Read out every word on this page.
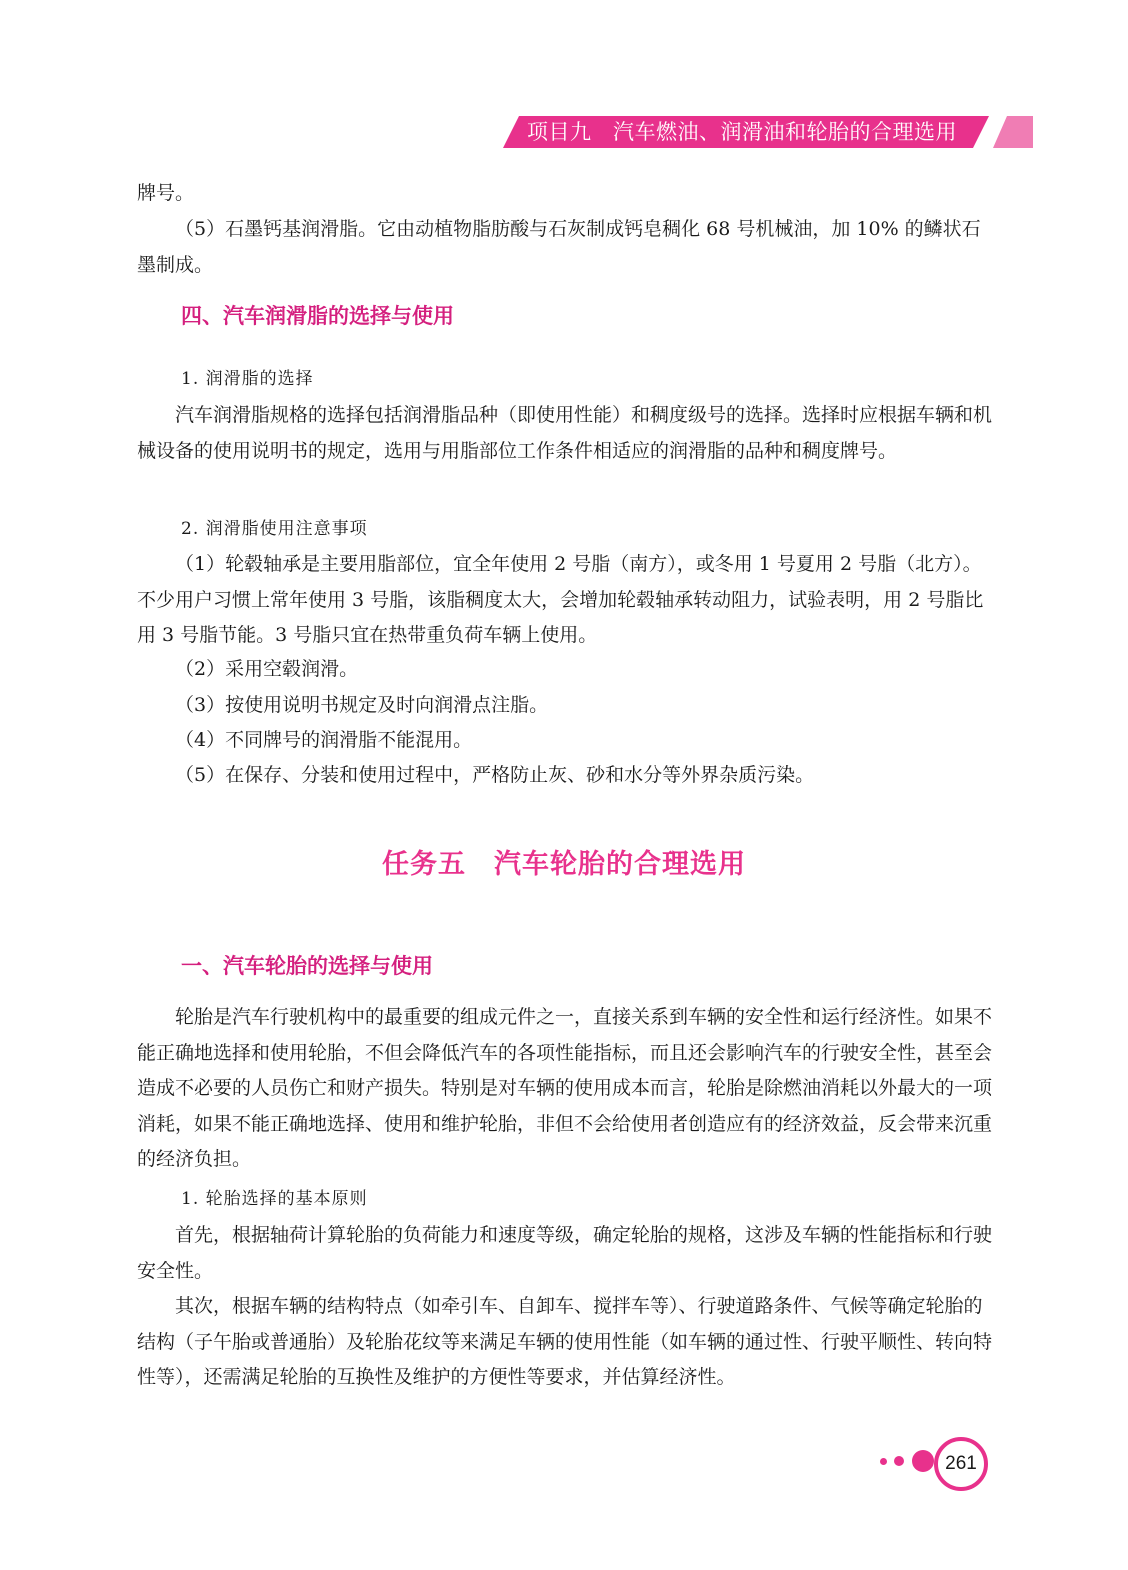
项目九　汽车燃油、润滑油和轮胎的合理选用

牌号。

（5）石墨钙基润滑脂。它由动植物脂肪酸与石灰制成钙皂稠化 68 号机械油，加 10% 的鳞状石墨制成。

四、汽车润滑脂的选择与使用

1. 润滑脂的选择

汽车润滑脂规格的选择包括润滑脂品种（即使用性能）和稠度级号的选择。选择时应根据车辆和机械设备的使用说明书的规定，选用与用脂部位工作条件相适应的润滑脂的品种和稠度牌号。

2. 润滑脂使用注意事项

（1）轮毂轴承是主要用脂部位，宜全年使用 2 号脂（南方），或冬用 1 号夏用 2 号脂（北方）。不少用户习惯上常年使用 3 号脂，该脂稠度太大，会增加轮毂轴承转动阻力，试验表明，用 2 号脂比用 3 号脂节能。3 号脂只宜在热带重负荷车辆上使用。

（2）采用空毂润滑。

（3）按使用说明书规定及时向润滑点注脂。

（4）不同牌号的润滑脂不能混用。

（5）在保存、分装和使用过程中，严格防止灰、砂和水分等外界杂质污染。

任务五　汽车轮胎的合理选用
一、汽车轮胎的选择与使用

轮胎是汽车行驶机构中的最重要的组成元件之一，直接关系到车辆的安全性和运行经济性。如果不能正确地选择和使用轮胎，不但会降低汽车的各项性能指标，而且还会影响汽车的行驶安全性，甚至会造成不必要的人员伤亡和财产损失。特别是对车辆的使用成本而言，轮胎是除燃油消耗以外最大的一项消耗，如果不能正确地选择、使用和维护轮胎，非但不会给使用者创造应有的经济效益，反会带来沉重的经济负担。

1. 轮胎选择的基本原则

首先，根据轴荷计算轮胎的负荷能力和速度等级，确定轮胎的规格，这涉及车辆的性能指标和行驶安全性。

其次，根据车辆的结构特点（如牵引车、自卸车、搅拌车等）、行驶道路条件、气候等确定轮胎的结构（子午胎或普通胎）及轮胎花纹等来满足车辆的使用性能（如车辆的通过性、行驶平顺性、转向特性等），还需满足轮胎的互换性及维护的方便性等要求，并估算经济性。

261
